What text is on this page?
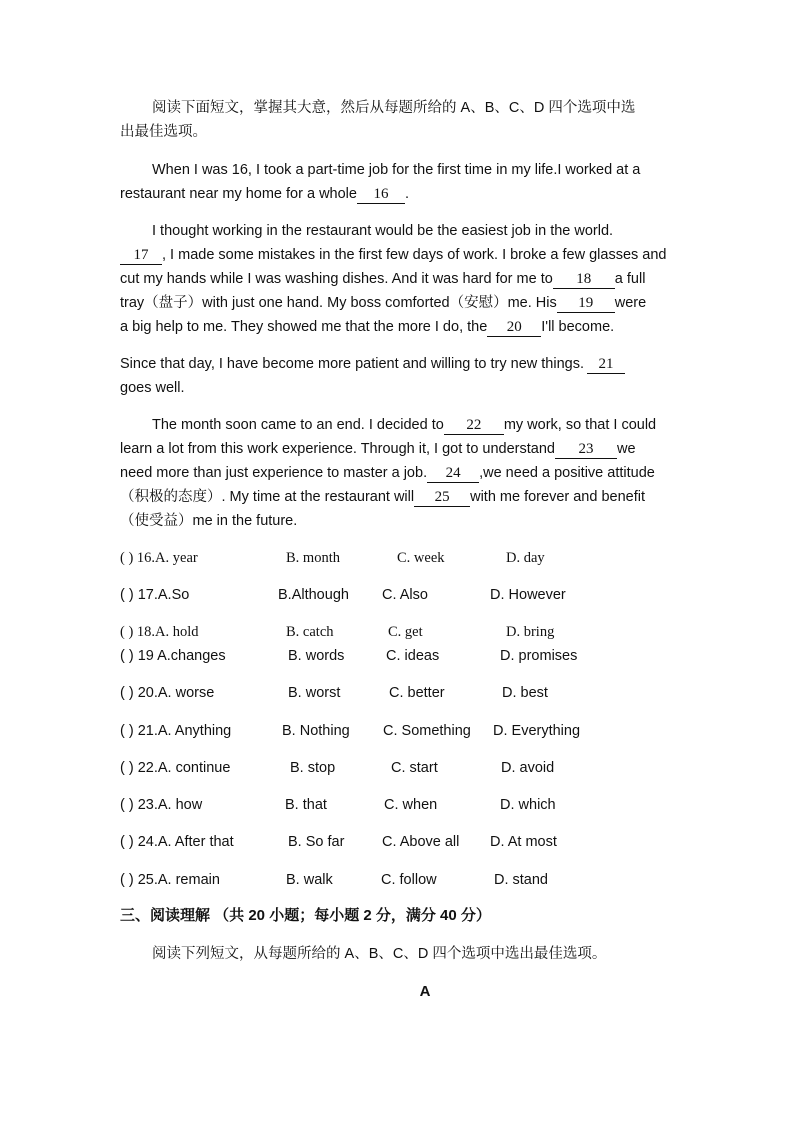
阅读下面短文，掌握其大意，然后从每题所给的 A、B、C、D 四个选项中选
出最佳选项。
When I was 16, I took a part-time job for the first time in my life.I worked at a
restaurant near my home for a whole 16 .
I thought working in the restaurant would be the easiest job in the world.
17 , I made some mistakes in the first few days of work. I broke a few glasses and
cut my hands while I was washing dishes. And it was hard for me to 18 a full
tray（盘子）with just one hand. My boss comforted（安慰）me. His 19 were
a big help to me. They showed me that the more I do, the 20 I'll become.
Since that day, I have become more patient and willing to try new things. 21
goes well.
The month soon came to an end. I decided to 22 my work, so that I could
learn a lot from this work experience. Through it, I got to understand 23 we
need more than just experience to master a job. 24 ,we need a positive attitude
（积极的态度）. My time at the restaurant will 25 with me forever and benefit
（使受益）me in the future.
( ) 16.A. year	B. month	C. week	D. day
( ) 17.A.So	B.Although C. Also	D. However
( ) 18.A. hold	B. catch	C. get	D. bring
( ) 19 A.changes	B. words	C. ideas	D. promises
( ) 20.A. worse	B. worst	C. better	D. best
( ) 21.A. Anything	B. Nothing C. Something D. Everything
( ) 22.A. continue	B. stop	C. start	D. avoid
( ) 23.A. how	B. that	C. when	D. which
( ) 24.A. After that	B. So far	C. Above all D. At most
( ) 25.A. remain	B. walk	C. follow	D. stand
三、阅读理解 （共 20 小题；每小题 2 分，满分 40 分）
阅读下列短文，从每题所给的 A、B、C、D 四个选项中选出最佳选项。
A
